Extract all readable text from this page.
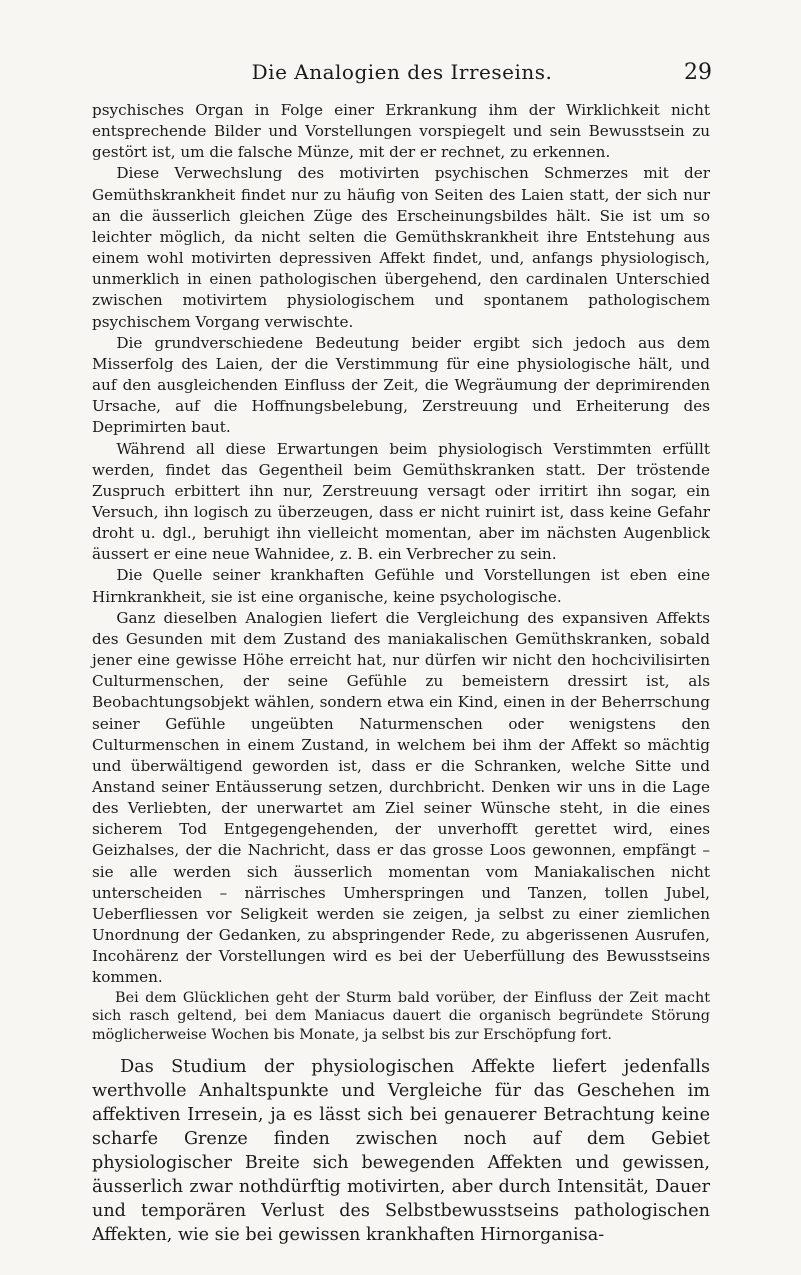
Die Analogien des Irreseins.	29

psychisches Organ in Folge einer Erkrankung ihm der Wirklichkeit nicht entsprechende Bilder und Vorstellungen vorspiegelt und sein Bewusstsein zu gestört ist, um die falsche Münze, mit der er rechnet, zu erkennen.

Diese Verwechslung des motivirten psychischen Schmerzes mit der Gemüthskrankheit findet nur zu häufig von Seiten des Laien statt, der sich nur an die äusserlich gleichen Züge des Erscheinungsbildes hält. Sie ist um so leichter möglich, da nicht selten die Gemüthskrankheit ihre Entstehung aus einem wohl motivirten depressiven Affekt findet, und, anfangs physiologisch, unmerklich in einen pathologischen übergehend, den cardinalen Unterschied zwischen motivirtem physiologischem und spontanem pathologischem psychischem Vorgang verwischte.

Die grundverschiedene Bedeutung beider ergibt sich jedoch aus dem Misserfolg des Laien, der die Verstimmung für eine physiologische hält, und auf den ausgleichenden Einfluss der Zeit, die Wegräumung der deprimirenden Ursache, auf die Hoffnungsbelebung, Zerstreuung und Erheiterung des Deprimirten baut.

Während all diese Erwartungen beim physiologisch Verstimmten erfüllt werden, findet das Gegentheil beim Gemüthskranken statt. Der tröstende Zuspruch erbittert ihn nur, Zerstreuung versagt oder irritirt ihn sogar, ein Versuch, ihn logisch zu überzeugen, dass er nicht ruinirt ist, dass keine Gefahr droht u. dgl., beruhigt ihn vielleicht momentan, aber im nächsten Augenblick äussert er eine neue Wahnidee, z. B. ein Verbrecher zu sein.

Die Quelle seiner krankhaften Gefühle und Vorstellungen ist eben eine Hirnkrankheit, sie ist eine organische, keine psychologische.

Ganz dieselben Analogien liefert die Vergleichung des expansiven Affekts des Gesunden mit dem Zustand des maniakalischen Gemüthskranken, sobald jener eine gewisse Höhe erreicht hat, nur dürfen wir nicht den hochcivilisirten Culturmenschen, der seine Gefühle zu bemeistern dressirt ist, als Beobachtungsobjekt wählen, sondern etwa ein Kind, einen in der Beherrschung seiner Gefühle ungeübten Naturmenschen oder wenigstens den Culturmenschen in einem Zustand, in welchem bei ihm der Affekt so mächtig und überwältigend geworden ist, dass er die Schranken, welche Sitte und Anstand seiner Entäusserung setzen, durchbricht. Denken wir uns in die Lage des Verliebten, der unerwartet am Ziel seiner Wünsche steht, in die eines sicherem Tod Entgegengehenden, der unverhofft gerettet wird, eines Geizhalses, der die Nachricht, dass er das grosse Loos gewonnen, empfängt – sie alle werden sich äusserlich momentan vom Maniakalischen nicht unterscheiden – närrisches Umherspringen und Tanzen, tollen Jubel, Ueberfliessen vor Seligkeit werden sie zeigen, ja selbst zu einer ziemlichen Unordnung der Gedanken, zu abspringender Rede, zu abgerissenen Ausrufen, Incohärenz der Vorstellungen wird es bei der Ueberfüllung des Bewusstseins kommen.

Bei dem Glücklichen geht der Sturm bald vorüber, der Einfluss der Zeit macht sich rasch geltend, bei dem Maniacus dauert die organisch begründete Störung möglicherweise Wochen bis Monate, ja selbst bis zur Erschöpfung fort.

Das Studium der physiologischen Affekte liefert jedenfalls werthvolle Anhaltspunkte und Vergleiche für das Geschehen im affektiven Irresein, ja es lässt sich bei genauerer Betrachtung keine scharfe Grenze finden zwischen noch auf dem Gebiet physiologischer Breite sich bewegenden Affekten und gewissen, äusserlich zwar nothdürftig motivirten, aber durch Intensität, Dauer und temporären Verlust des Selbstbewusstseins pathologischen Affekten, wie sie bei gewissen krankhaften Hirnorganisa-
